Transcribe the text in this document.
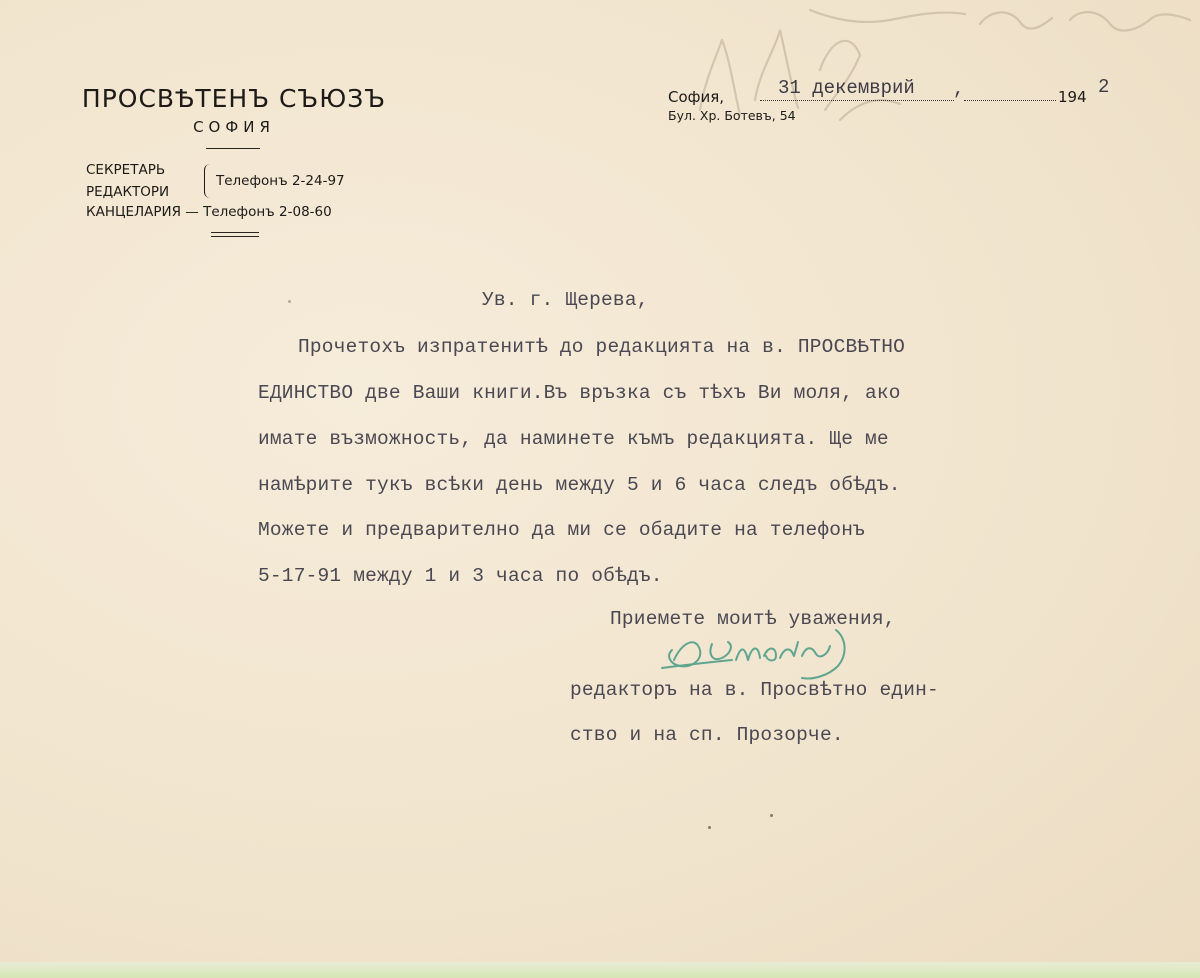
ПРОСВѢТЕНЪ СЪЮЗЪ
СОФИЯ
СЕКРЕТАРЬ
РЕДАКТОРИ
Телефонъ 2-24-97
КАНЦЕЛАРИЯ — Телефонъ 2-08-60
София,	31 декемврий ,	194 2
Бул. Хр. Ботевъ, 54
Ув. г. Щерева,
Прочетохъ изпратенитѣ до редакцията на в. ПРОСВѢТНО
ЕДИНСТВО две Ваши книги.Въ връзка съ тѣхъ Ви моля, ако
имате възможность, да наминете къмъ редакцията. Ще ме
намѣрите тукъ всѣки день между 5 и 6 часа следъ обѣдъ.
Можете и предварително да ми се обадите на телефонъ
5-17-91 между 1 и 3 часа по обѣдъ.
Приемете моитѣ уважения,
редакторъ на в. Просвѣтно един-
ство и на сп. Прозорче.
